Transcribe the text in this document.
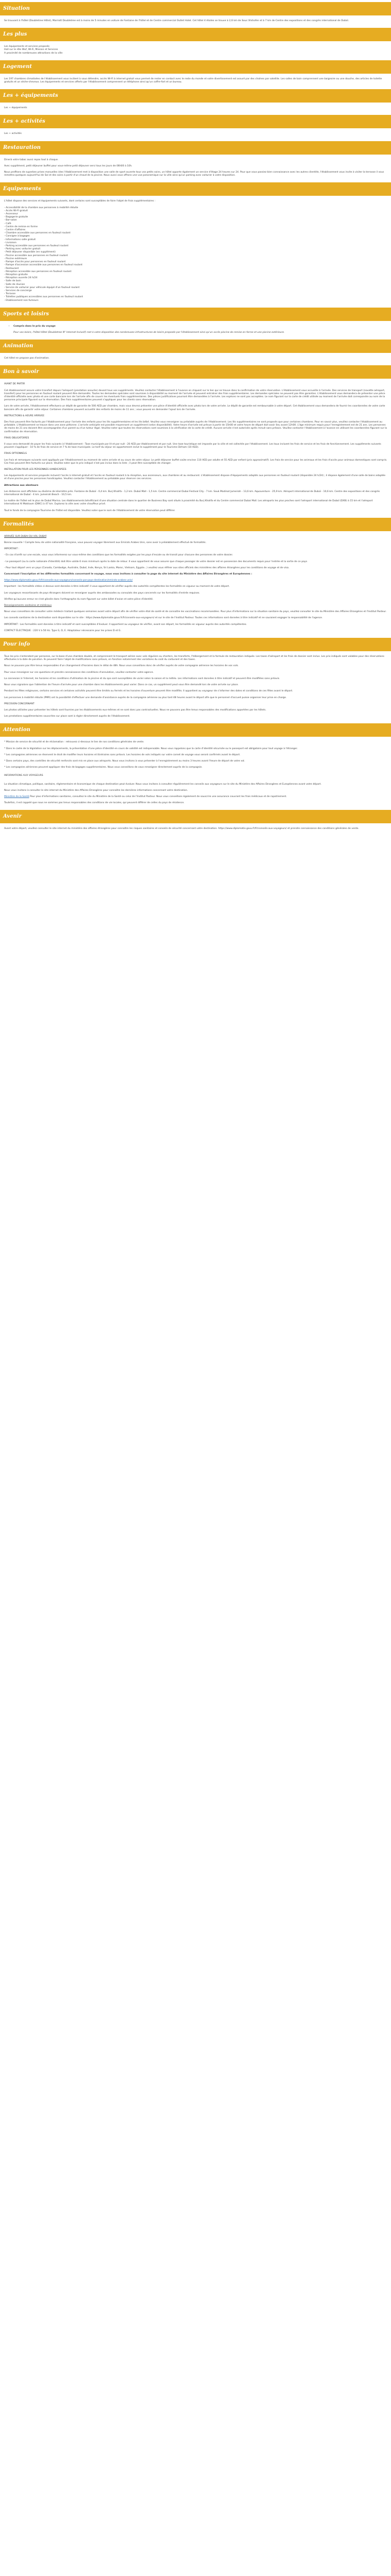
Situation

Se trouvant à l'hôtel (Doubletree Hôtel), Marriott Doubletree est à moins de 5 minutes en voiture de Fontaine de l'hôtel et de Centre commercial Outlet Hotel. Cet hôtel 4 étoiles se trouve à 2,6 km de Sous Vilshofen et à 7 km de Centre des expositions et des congrès international de Dubaï.

Les plus
Les équipements et services proposés
Hall sur le rôle Wuf, Wi-Fi, Mission et Services
A proximité de nombreuses attractions de la ville
Logement

Les 197 chambres climatisées de l'établissement vous incitent à vous détendre, accès Wi-Fi à internet gratuit vous permet de rester en contact avec le reste du monde et votre divertissement est assuré par des chaînes par satellite. Les salles de bain comprennent une baignoire ou une douche, des articles de toilette gratuits et un sèche-cheveux. Les équipements et services offerts par l'établissement comprennent un téléphone ainsi qu'un coffre-fort et un bureau.

Les + équipements

Les + équipements

Les + activités

Les + activités

Restauration

Dinerà votre tabac aussi repas tout à chaque.

Avec supplément, petit déjeuner buffet pour vous-même petit déjeuner servi tous les jours de 06h00 à 10h.

Nous profitons de superbes prises manuelles (des l'établissement met à disposition une salle de sport ouverte tous vos petits soins, un hôtel apporte également un service d'étage 24 heures sur 24. Pour que vous passiez bien connaissance avec les autres clientèle, l'établissement vous invite à visiter la terrasse il vous remettra quelques aujourd'hui de Sol et des soins à partir d'un chaud de la piscine. Nous aussi vous offrons une vue panoramique sur la ville ainsi qu'un parking avec voiturier à votre disposition.

Equipements

L'hôtel dispose des services et équipements suivants, dont certains sont susceptibles de faire l'objet de frais supplémentaires :

- Accessibilité de la chambre aux personnes à mobilité réduite
- Accès Wi-Fi gratuit
- Ascenseur
- Bagagerie gratuite
- Bar-salon
- Café
- Centre de remise en forme
- Centre d'affaires
- Chambre accessible aux personnes en fauteuil roulant
- Consigne à bagages
- Informations salle gratuit
- Livraison
- Parking accessible aux personnes en fauteuil roulant
- Parking avec voiturier gratuit
- Petit déjeuner disponible (en supplément)
- Piscine accessible aux personnes en fauteuil roulant
- Piscine extérieure
- Rampe d'accès pour personnes en fauteuil roulant
- Rampe d'accession accessible aux personnes en fauteuil roulant
- Restaurant
- Réception accessible aux personnes en fauteuil roulant
- Réception gratuite
- Réception ouverte 24 h/24
- Salle de bain
- Salle de réunion
- Service de voiturier pour véhicule équipé d'un fauteuil roulant
- Services de concierge
- Terrasse
- Toilettes publiques accessibles aux personnes en fauteuil roulant
- Etablissement non-fumeurs
Sports et loisirs
• Compris dans le prix du voyage

Pour vos loisirs, l'hôtel Hôtel (Doubletree N° Internet Inclusif) met à votre disposition des nombreuses infrastructures de loisirs proposés par l'établissement ainsi qu'un accès piscine de remise en forme et une piscine extérieure.

Animation

Cet hôtel ne propose pas d'animation.

Bon à savoir

AVANT DE PARTIR

Cet établissement assure votre transfert depuis l'aéroport (prestation assurée) devant tous vos suppléments. Veuillez contacter l'établissement à l'avance en cliquant sur le lien qui se trouve dans la confirmation de votre réservation. L'établissement vous accueille à l'arrivée. Des services de transport (navette aéroport, transfert) pour les personnes en fauteuil roulant peuvent être demandés. Toutes les demandes spéciales sont soumises à disponibilité au moment de l'arrivée et peuvent entraîner des frais supplémentaires. Les demandes spéciales ne peuvent pas être garanties. L'établissement vous demandera de présenter une pièce d'identité officielle avec photo et une carte bancaire lors de l'arrivée afin de couvrir les éventuels frais supplémentaires. Des pièces justificatives pourront être demandées à l'arrivée. Les espèces ne sont pas acceptées. Le nom figurant sur la carte de crédit utilisée au moment de l'arrivée doit correspondre au nom de la personne principale figurant sur la réservation. Des frais supplémentaires peuvent s'appliquer pour les clients sans réservation.

Lors de votre arrivée, l'établissement effectuera un dépôt de garantie de 500 AED par chambre, mais vous devrez présenter une pièce d'identité officielle avec photo lors de votre arrivée. Le dépôt de garantie est remboursable à votre départ. Cet établissement vous demandera de fournir les coordonnées de votre carte bancaire afin de garantir votre séjour. Certaines chambres peuvent accueillir des enfants de moins de 11 ans ; vous pouvez en demander l'ajout lors de l'arrivée.

INSTRUCTIONS & HEURE ARRIVEE

Des frais peuvent être facturés par l'établissement pour l'arrivée des enfants pour les lits supplémentaires et les lits bébé. Veuillez vous renseigner au préalable auprès de l'établissement. Les lits supplémentaires ne sont proposés que pour certaines chambres. Pour en savoir plus, veuillez contacter l'établissement au préalable. L'établissement se trouve dans une zone piétonne. L'arrivée anticipée est possible moyennant un supplément (selon disponibilité). Votre heure d'arrivée est prévue à partir de 15h00 et votre heure de départ doit avoir lieu avant 12h00. L'âge minimum requis pour l'enregistrement est de 21 ans. Les personnes de moins de 21 ans doivent être accompagnées d'un parent ou d'un tuteur légal. Veuillez noter que toutes les réservations sont soumises à la vérification de la carte de crédit. Aucune arrivée n'est autorisée après minuit sans préavis. Veuillez contacter l'établissement à l'avance en utilisant les coordonnées figurant sur la confirmation de réservation.

FRAIS OBLIGATOIRES

Il vous sera demandé de payer les frais suivants à l'établissement : Taxe municipale par lit et par nuit : 20 AED par établissement et par nuit. Une taxe touristique est imposée par la ville et est collectée par l'établissement. Les taux incluent les frais de service et les frais de fonctionnement. Les suppléments suivants peuvent s'appliquer : 10 % de frais de service et 7 % de taxe municipale. Le tarif du séjour en appartement inclut le supplément pour le Tourisme Dirham (10 AED).

FRAIS OPTIONNELS

Les frais et remarques suivants sont appliqués par l'établissement au moment de votre arrivée et au cours de votre séjour. Le petit déjeuner buffet coûte environ 110 AED par adulte et 55 AED par enfant (prix approximatif). Les frais de service pour les animaux et les frais d'accès pour animaux domestiques sont compris. Ces frais peuvent être facturés sur place. Veuillez noter que le prix indiqué n'est pas inclus dans la liste ; il peut être susceptible de changer.

INSTALLATION POUR LES PERSONNES HANDICAPEES

Les équipements et services proposés incluent l'accès à internet gratuit et l'accès en fauteuil roulant à la réception, aux ascenseurs, aux chambres et au restaurant. L'établissement dispose d'équipements adaptés aux personnes en fauteuil roulant (disponible 24 h/24) ; il dispose également d'une salle de bains adaptée et d'une piscine pour les personnes handicapées. Veuillez contacter l'établissement au préalable pour réserver ces services.

Attractions aux alentours

Les distances sont affichées au dixième de kilomètre près. Fontaine de Dubaï - 0,4 km. Burj Khalifa - 1,2 km. Dubaï Mall - 1,5 km. Centre commercial Dubai Festival City - 7 km. Souk Madinat Jumeirah - 13,6 km. Aquaventure - 25,9 km. Aéroport international de Dubaï - 10,6 km. Centre des expositions et des congrès international de Dubaï - 4 km. Jumeirah Beach - 10,5 km.

Le maître de l'hôtel est le plus de Dubaï Marina. Les établissements bénéficiant d'une situation centrale dans le quartier de Business Bay sont situés à proximité du Burj Khalifa et du Centre commercial Dubai Mall. Les aéroports les plus proches sont l'aéroport international de Dubaï (DXB) à 15 km et l'aéroport international Al Maktoum (DWC) à 47 km. Explorez la ville avec votre chauffeur privé.

Tout le fonds de la compagnie Tourisme de l'hôtel est disponible. Veuillez noter que le nom de l'établissement de votre réservation peut différer.

Formalités

ARRIVÉE SUR DUBAI DU VOL DUBAÏ

Bonne nouvelle ! Compte tenu de votre nationalité française, vous pouvez voyager librement aux Emirats Arabes Unis, sans avoir à préalablement effectué de formalités.

IMPORTANT :

- En cas d'arrêt sur une escale, vous vous informerez sur vous-même des conditions que les formalités exigées par les pays d'escale ou de transit pour chacune des personnes de votre dossier.

- Le passeport (ou la carte nationale d'identité) doit être valide 6 mois minimum après la date de retour. Il vous appartient de vous assurer que chaque passager de votre dossier est en possession des documents requis pour l'entrée et la sortie de ce pays.

- Pour tout départ vers un pays (Canada, Cambodge, Australie, Dubaï, Inde, Kenya, Sri Lanka, Maroc, Vietnam, Egypte...) veuillez vous référer aux sites officiels des ministères des affaires étrangères pour les conditions de voyage et de visa.

Concernant l'inscription et les différentes formalités concernant le voyage, nous vous invitons à consulter la page du site internet du Ministère des Affaires Etrangères et Européennes :

https://www.diplomatie.gouv.fr/fr/conseils-aux-voyageurs/conseils-par-pays-destination/emirats-arabes-unis/

Important : les formalités citées ci-dessus sont données à titre indicatif. Il vous appartient de vérifier auprès des autorités compétentes les formalités en vigueur au moment de votre départ.

Les voyageurs ressortissants de pays étrangers doivent se renseigner auprès des ambassades ou consulats des pays concernés sur les formalités d'entrée requises.

Vérifiez qu'aucune erreur ne s'est glissée dans l'orthographe du nom figurant sur votre billet d'avion et votre pièce d'identité.

Renseignements sanitaires et médicaux

Nous vous conseillons de consulter votre médecin traitant quelques semaines avant votre départ afin de vérifier votre état de santé et de connaître les vaccinations recommandées. Pour plus d'informations sur la situation sanitaire du pays, veuillez consulter le site du Ministère des Affaires Etrangères et l'Institut Pasteur.

Les conseils sanitaires de la destination sont disponibles sur le site : https://www.diplomatie.gouv.fr/fr/conseils-aux-voyageurs/ et sur le site de l'Institut Pasteur. Toutes ces informations sont données à titre indicatif et ne sauraient engager la responsabilité de l'agence.

IMPORTANT : Les formalités sont données à titre indicatif et sont susceptibles d'évoluer. Il appartient au voyageur de vérifier, avant son départ, les formalités en vigueur auprès des autorités compétentes.

CONTACT ÉLECTRIQUE : 220 V à 50 Hz. Type G, D, E. Adaptateur nécessaire pour les prises D et G.

Pour info

Tous les prix s'entendent par personne, sur la base d'une chambre double, et comprennent le transport aérien avec vols réguliers ou charters, les transferts, l'hébergement et la formule de restauration indiquée. Les taxes d'aéroport et les frais de dossier sont inclus. Les prix indiqués sont valables pour des réservations effectuées à la date de parution. Ils peuvent faire l'objet de modifications sans préavis, en fonction notamment des variations du coût du carburant et des taxes.

Nous ne pouvons pas être tenus responsables d'un changement d'horaires dans le délai de 48h. Nous vous conseillons donc de vérifier auprès de votre compagnie aérienne les horaires de vos vols.

Pour vous renseigner sur ces questions et prendre connaissance des conditions d'annulation, veuillez contacter votre agence.

La connexion à l'internet, les horaires et les conditions d'utilisation de la piscine et du spa sont susceptibles de varier selon la saison et la météo. Les informations sont données à titre indicatif et peuvent être modifiées sans préavis.

Nous vous signalons que l'obtention de l'heure d'arrivée pour une chambre dans les établissements peut varier. Dans ce cas, un supplément peut vous être demandé lors de votre arrivée sur place.

Pendant les fêtes religieuses, certains services et certaines activités peuvent être limités ou fermés et les horaires d'ouverture peuvent être modifiés. Il appartient au voyageur de s'informer des dates et conditions de ces fêtes avant le départ.

Les personnes à mobilité réduite (PMR) ont la possibilité d'effectuer une demande d'assistance auprès de la compagnie aérienne au plus tard 48 heures avant le départ afin que le personnel d'accueil puisse organiser leur prise en charge.

PRECISION CONCERNANT

Les photos utilisées pour présenter les hôtels sont fournies par les établissements eux-mêmes et ne sont donc pas contractuelles. Nous ne pouvons pas être tenus responsables des modifications apportées par les hôtels.

Les prestations supplémentaires souscrites sur place sont à régler directement auprès de l'établissement.

Attention

* Mission de service de sécurité et de réclamation : retrouvez ci-dessous le lien de nos conditions générales de vente.

* Dans le cadre de la législation sur les déplacements, la présentation d'une pièce d'identité en cours de validité est indispensable. Nous vous rappelons que la carte d'identité sécurisée ou le passeport est obligatoire pour tout voyage à l'étranger.

* Les compagnies aériennes se réservent le droit de modifier leurs horaires et itinéraires sans préavis. Les horaires de vols indiqués sur votre carnet de voyage vous seront confirmés avant le départ.

* Dans certains pays, des contrôles de sécurité renforcés sont mis en place aux aéroports. Nous vous invitons à vous présenter à l'enregistrement au moins 3 heures avant l'heure de départ de votre vol.

* Les compagnies aériennes peuvent appliquer des frais de bagages supplémentaires. Nous vous conseillons de vous renseigner directement auprès de la compagnie.

INFORMATIONS AUX VOYAGEURS

La situation climatique, politique, sanitaire, réglementaire et économique de chaque destination peut évoluer. Nous vous invitons à consulter régulièrement les conseils aux voyageurs sur le site du Ministère des Affaires Etrangères et Européennes avant votre départ.

Nous vous invitons à consulter le site internet du Ministère des Affaires Etrangères pour connaître les dernières informations concernant votre destination.

Ministère de la Santé Pour plus d'informations sanitaires, consultez le site du Ministère de la Santé ou celui de l'Institut Pasteur. Nous vous conseillons également de souscrire une assurance couvrant les frais médicaux et de rapatriement.

Toutefois, il est rappelé que nous ne sommes pas tenus responsables des conditions de vie locales, qui peuvent différer de celles du pays de résidence.

Avenir

Avant votre départ, veuillez consulter le site internet du ministère des affaires étrangères pour connaître les risques sanitaires et conseils de sécurité concernant votre destination. https://www.diplomatie.gouv.fr/fr/conseils-aux-voyageurs/ et prendre connaissance des conditions générales de vente.
